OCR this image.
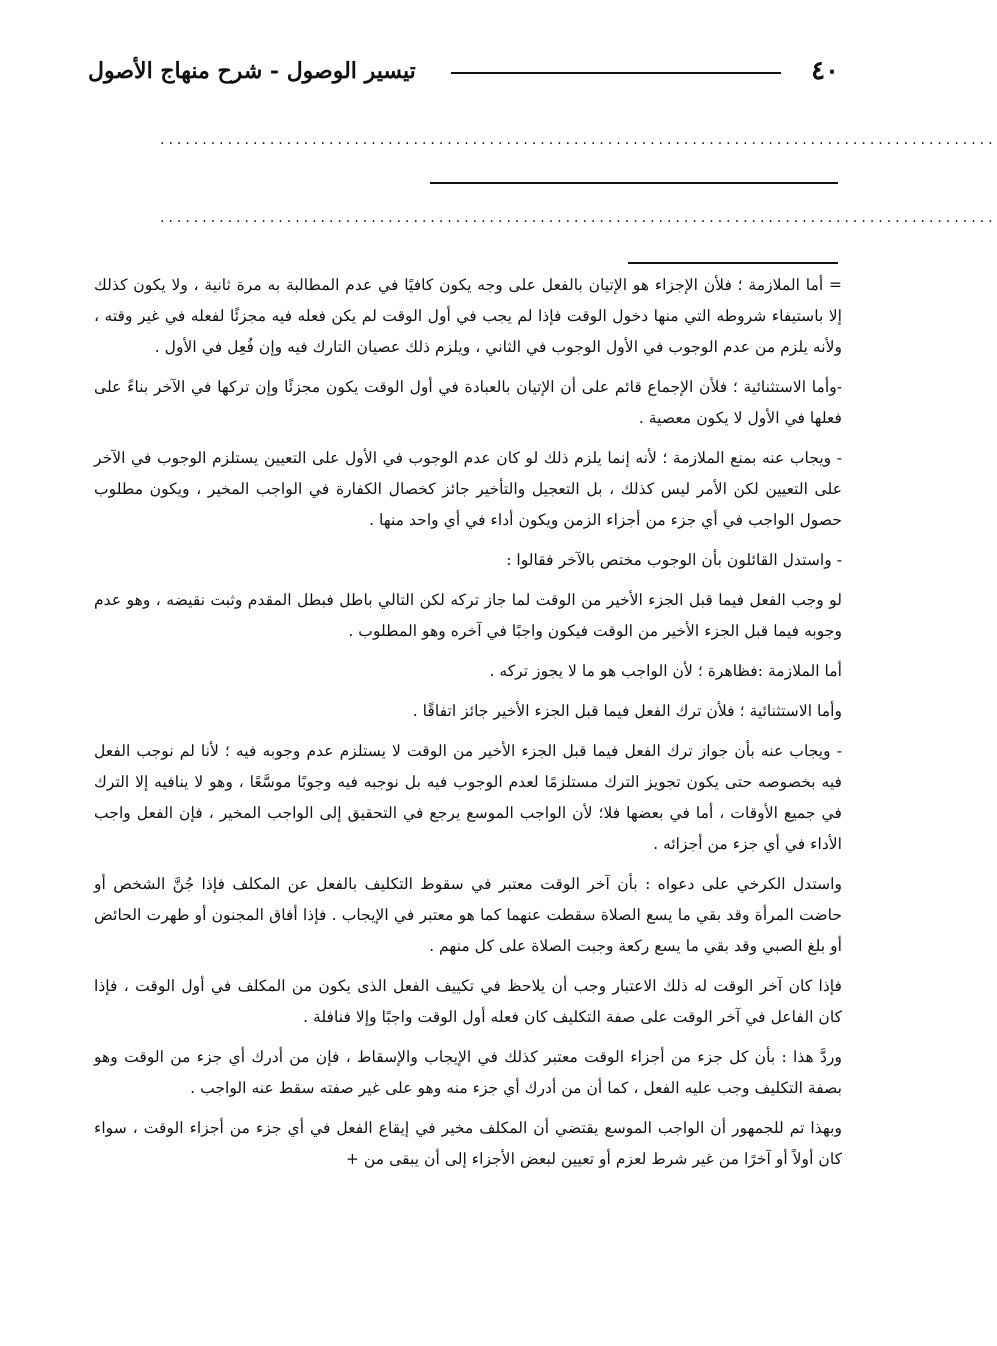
٤٠
تيسير الوصول - شرح منهاج الأصول
...................................................................................................
...................................................................................................

= أما الملازمة ؛ فلأن الإجزاء هو الإتيان بالفعل على وجه يكون كافيًا في عدم المطالبة به مرة ثانية ، ولا يكون كذلك إلا باستيفاء شروطه التي منها دخول الوقت فإذا لم يجب في أول الوقت لم يكن فعله فيه مجزئًا لفعله في غير وقته ، ولأنه يلزم من عدم الوجوب في الأول الوجوب في الثاني ، ويلزم ذلك عصيان التارك فيه وإن فُعِل في الأول .

-وأما الاستثنائية ؛ فلأن الإجماع قائم على أن الإتيان بالعبادة في أول الوقت يكون مجزئًا وإن تركها في الآخر بناءً على فعلها في الأول لا يكون معصية .

- ويجاب عنه بمنع الملازمة ؛ لأنه إنما يلزم ذلك لو كان عدم الوجوب في الأول على التعيين يستلزم الوجوب في الآخر على التعيين لكن الأمر ليس كذلك ، بل التعجيل والتأخير جائز كخصال الكفارة في الواجب المخير ، ويكون مطلوب حصول الواجب في أي جزء من أجزاء الزمن ويكون أداء في أي واحد منها .

- واستدل القائلون بأن الوجوب مختص بالآخر فقالوا :

لو وجب الفعل فيما قبل الجزء الأخير من الوقت لما جاز تركه لكن التالي باطل فبطل المقدم وثبت نقيضه ، وهو عدم وجوبه فيما قبل الجزء الأخير من الوقت فيكون واجبًا في آخره وهو المطلوب .

أما الملازمة :فظاهرة ؛ لأن الواجب هو ما لا يجوز تركه .

وأما الاستثنائية ؛ فلأن ترك الفعل فيما قبل الجزء الأخير جائز اتفاقًا .

- ويجاب عنه بأن جواز ترك الفعل فيما قبل الجزء الأخير من الوقت لا يستلزم عدم وجوبه فيه ؛ لأنا لم نوجب الفعل فيه بخصوصه حتى يكون تجويز الترك مستلزمًا لعدم الوجوب فيه بل نوجبه فيه وجوبًا موسَّعًا ، وهو لا ينافيه إلا الترك في جميع الأوقات ، أما في بعضها فلا؛ لأن الواجب الموسع يرجع في التحقيق إلى الواجب المخير ، فإن الفعل واجب الأداء في أي جزء من أجزائه .

واستدل الكرخي على دعواه : بأن آخر الوقت معتبر في سقوط التكليف بالفعل عن المكلف فإذا جُنَّ الشخص أو حاضت المرأة وقد بقي ما يسع الصلاة سقطت عنهما كما هو معتبر في الإيجاب . فإذا أفاق المجنون أو طهرت الحائض أو بلغ الصبي وقد بقي ما يسع ركعة وجبت الصلاة على كل منهم .

فإذا كان آخر الوقت له ذلك الاعتبار وجب أن يلاحظ في تكييف الفعل الذى يكون من المكلف في أول الوقت ، فإذا كان الفاعل في آخر الوقت على صفة التكليف كان فعله أول الوقت واجبًا وإلا فنافلة .

وردَّ هذا : بأن كل جزء من أجزاء الوقت معتبر كذلك في الإيجاب والإسقاط ، فإن من أدرك أي جزء من الوقت وهو بصفة التكليف وجب عليه الفعل ، كما أن من أدرك أي جزء منه وهو على غير صفته سقط عنه الواجب .

وبهذا تم للجمهور أن الواجب الموسع يقتضي أن المكلف مخير في إيقاع الفعل في أي جزء من أجزاء الوقت ، سواء كان أولاً أو آخرًا من غير شرط لعزم أو تعيين لبعض الأجزاء إلى أن يبقى من +
